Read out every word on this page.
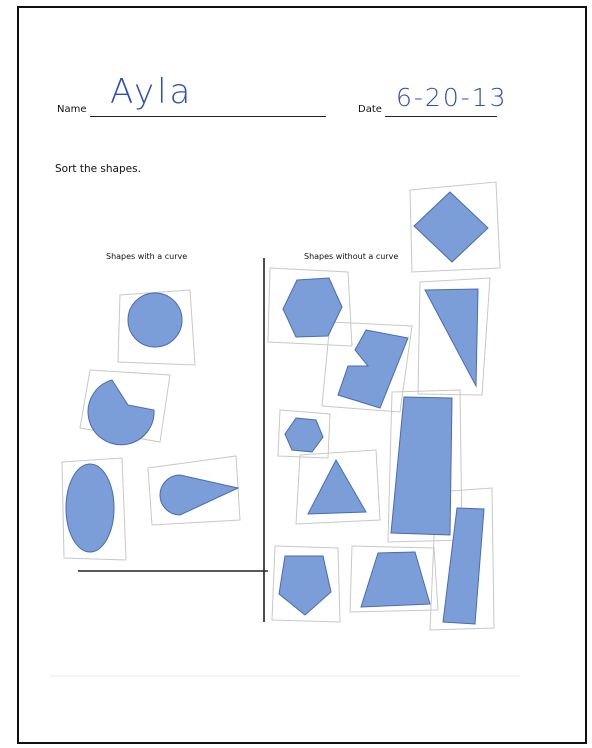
Name Ayla	Date 6-20-13
Sort the shapes.
Shapes with a curve	Shapes without a curve
